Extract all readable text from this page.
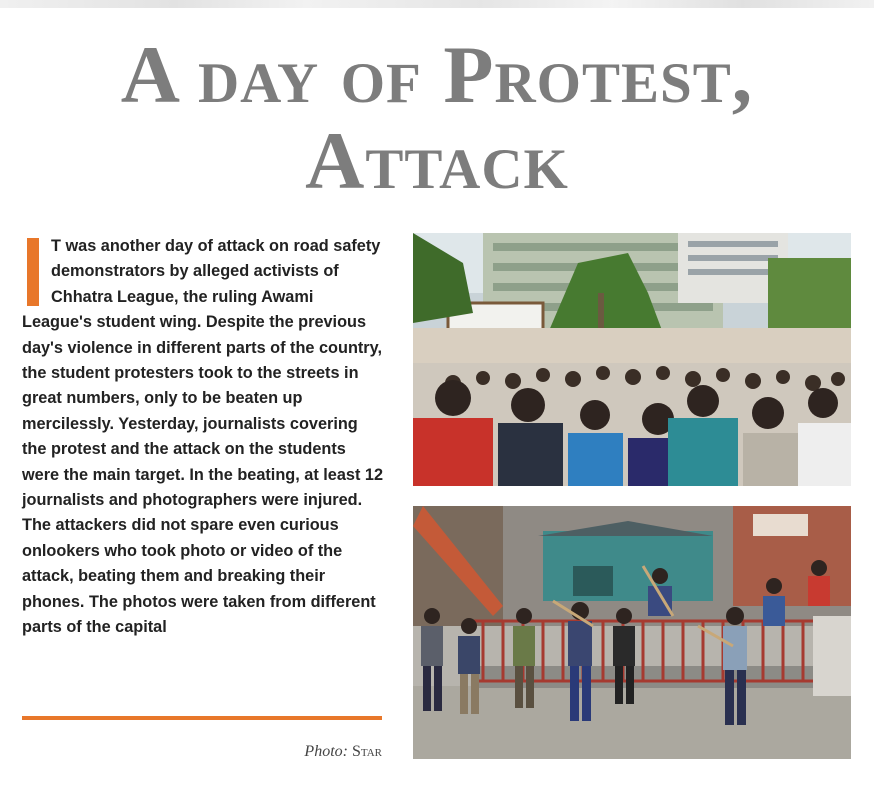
A day of Protest,
Attack
T was another day of attack on road safety demonstrators by alleged activists of Chhatra League, the ruling Awami League's student wing. Despite the previous day's violence in different parts of the country, the student protesters took to the streets in great numbers, only to be beaten up mercilessly. Yesterday, journalists covering the protest and the attack on the students were the main target. In the beating, at least 12 journalists and photographers were injured. The attackers did not spare even curious onlookers who took photo or video of the attack, beating them and breaking their phones. The photos were taken from different parts of the capital
Photo: Star
